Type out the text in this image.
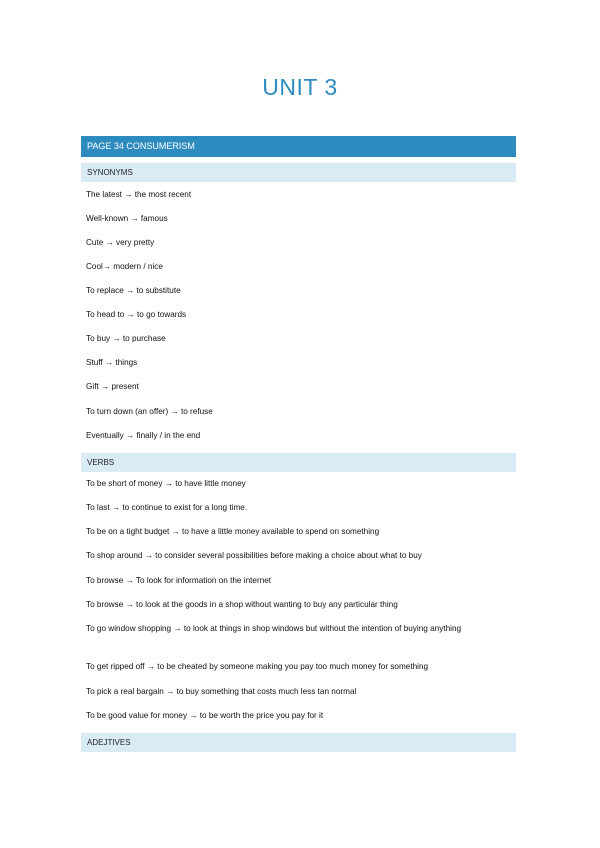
UNIT 3
PAGE 34 CONSUMERISM
SYNONYMS
The latest → the most recent
Well-known → famous
Cute → very pretty
Cool→ modern / nice
To replace → to substitute
To head to → to go towards
To buy → to purchase
Stuff → things
Gift → present
To turn down (an offer) → to refuse
Eventually → finally / in the end
VERBS
To be short of money → to have little money
To last → to continue to exist for a long time.
To be on a tight budget → to have a little money available to spend on something
To shop around → to consider several possibilities before making a choice about what to buy
To browse → To look for information on the internet
To browse → to look at the goods in a shop without wanting to buy any particular thing
To go window shopping → to look at things in shop windows but without the intention of buying anything
To get ripped off → to be cheated by someone making you pay too much money for something
To pick a real bargain → to buy something that costs much less tan normal
To be good value for money → to be worth the price you pay for it
ADEJTIVES
